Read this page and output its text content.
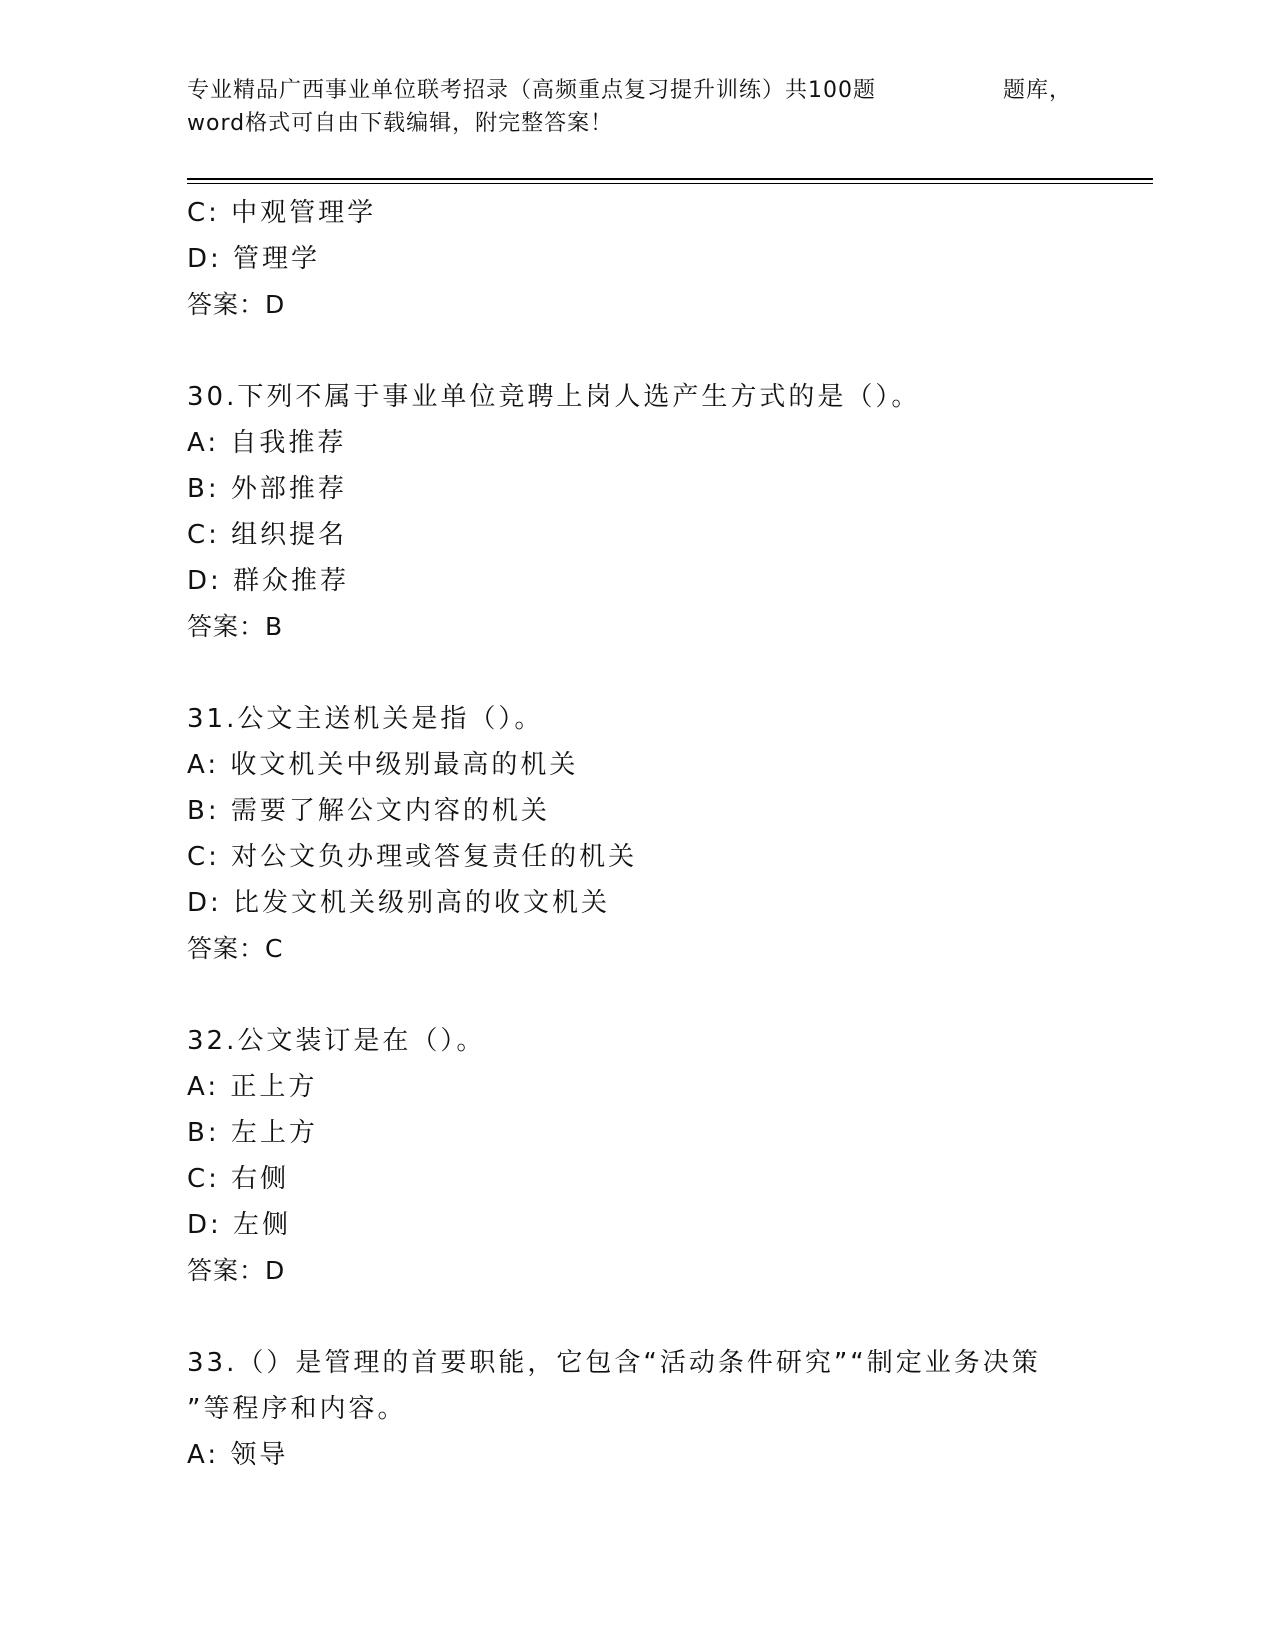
专业精品广西事业单位联考招录（高频重点复习提升训练）共100题	题库，
word格式可自由下载编辑，附完整答案！
C: 中观管理学
D: 管理学
答案：D
30.下列不属于事业单位竞聘上岗人选产生方式的是（）。
A: 自我推荐
B: 外部推荐
C: 组织提名
D: 群众推荐
答案：B
31.公文主送机关是指（）。
A: 收文机关中级别最高的机关
B: 需要了解公文内容的机关
C: 对公文负办理或答复责任的机关
D: 比发文机关级别高的收文机关
答案：C
32.公文装订是在（）。
A: 正上方
B: 左上方
C: 右侧
D: 左侧
答案：D
33.（）是管理的首要职能，它包含“活动条件研究”“制定业务决策
”等程序和内容。
A: 领导
